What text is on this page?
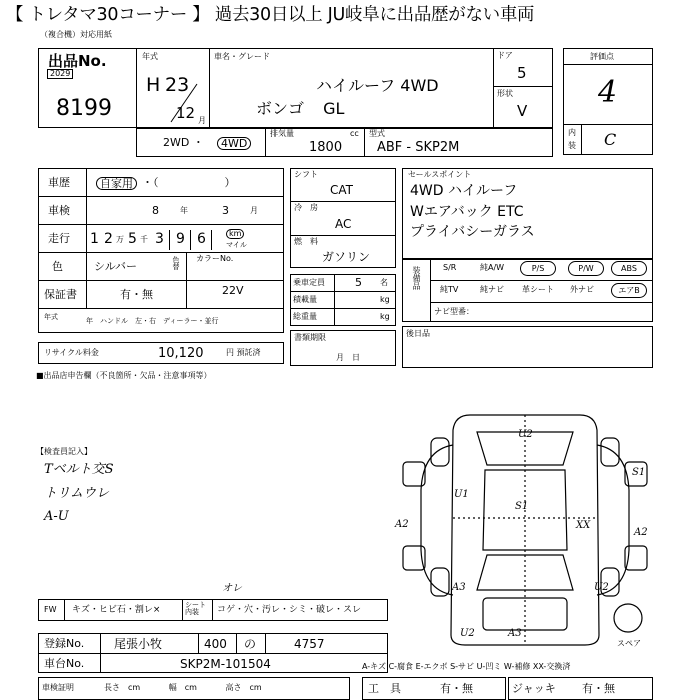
【 トレタマ30コーナー 】 過去30日以上 JU岐阜に出品歴がない車両
（複合機）対応用紙
出品No.
2029
8199
年式
H 23
12 月
車名・グレード
ハイルーフ 4WD
ボンゴ GL
ドア
5
形状
V
評価点
4
内
装 C
2WD ・	4WD
排気量	cc
1800
型式
ABF - SKP2M
車歴	自家用 ・（　　　　　　）
車検	8	年	3	月
走行 1 2 万 5 千 3 9 6	km
マイル
色	シルバー	色替 カラーNo.
保証書	有・無	22V
年式	年　ハンドル　左・右　ディーラー・並行
シフト
CAT
冷　房
AC
燃　料
ガソリン
乗車定員	5 名
積載量	kg
総重量	kg
書類期限
月　日
セールスポイント
4WD ハイルーフ
Wエアバック ETC
プライバシーガラス
装備品	S/R	純A/W	P/S	P/W	ABS
純TV	純ナビ 革シート 外ナビ	エアB
ナビ型番：
後日品
リサイクル料金	10,120	円 預託済
■出品店申告欄（不良箇所・欠品・注意事項等）
【検査員記入】
Tベルト交S
トリムウレ
A-U
U2
S1
U1
S1
A2	XX
A2
A3	U2
U2	A3
スペア
FW キズ・ヒビ石・割レ×	シート内装	コゲ・穴・汚レ・シミ・破レ・スレ
オレ
登録No. 尾張小牧	400 の	4757
車台No.	SKP2M-101504	A-キズ C-腐食 E-エクボ S-サビ U-凹ミ W-補修 XX-交換済
車検証明	長さ　cm 幅　cm 高さ　cm	工　具	有・無	ジャッキ 有・無
